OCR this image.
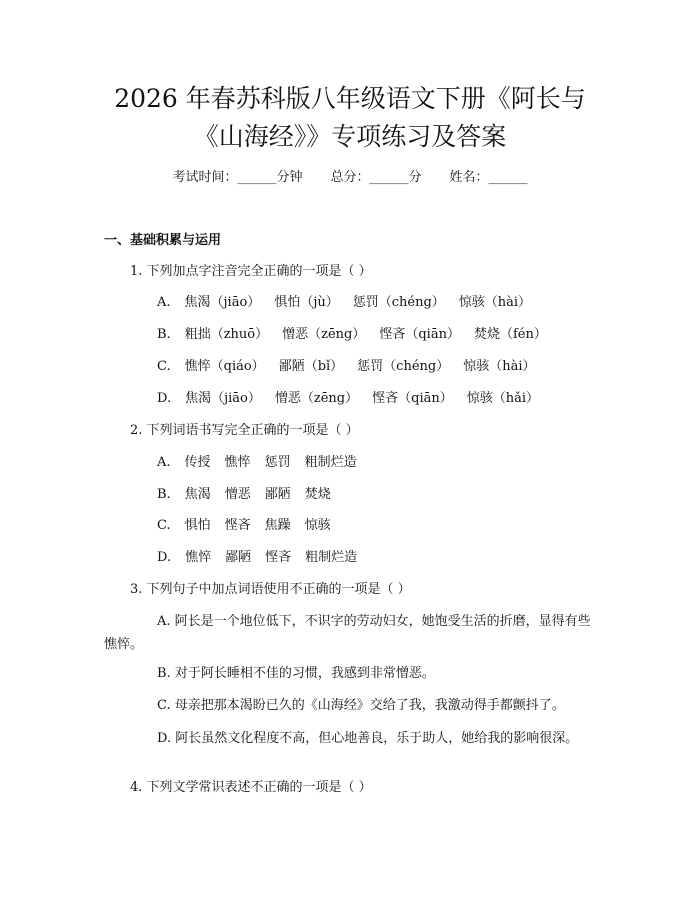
2026 年春苏科版八年级语文下册《阿长与
《山海经》》专项练习及答案
考试时间：______分钟 总分：______分 姓名：______
一、基础积累与运用
1. 下列加点字注音完全正确的一项是（ ）
A. 焦渴（jiāo） 惧怕（jù） 惩罚（chéng） 惊骇（hài）
B. 粗拙（zhuō） 憎恶（zēng） 悭吝（qiān） 焚烧（fén）
C. 憔悴（qiáo） 鄙陋（bǐ） 惩罚（chéng） 惊骇（hài）
D. 焦渴（jiāo） 憎恶（zēng） 悭吝（qiān） 惊骇（hǎi）
2. 下列词语书写完全正确的一项是（ ）
A. 传授 憔悴 惩罚 粗制烂造
B. 焦渴 憎恶 鄙陋 焚烧
C. 惧怕 悭吝 焦躁 惊骇
D. 憔悴 鄙陋 悭吝 粗制烂造
3. 下列句子中加点词语使用不正确的一项是（ ）
A. 阿长是一个地位低下，不识字的劳动妇女，她饱受生活的折磨，显得有些憔悴。
B. 对于阿长睡相不佳的习惯，我感到非常憎恶。
C. 母亲把那本渴盼已久的《山海经》交给了我，我激动得手都颤抖了。
D. 阿长虽然文化程度不高，但心地善良，乐于助人，她给我的影响很深。
4. 下列文学常识表述不正确的一项是（ ）
